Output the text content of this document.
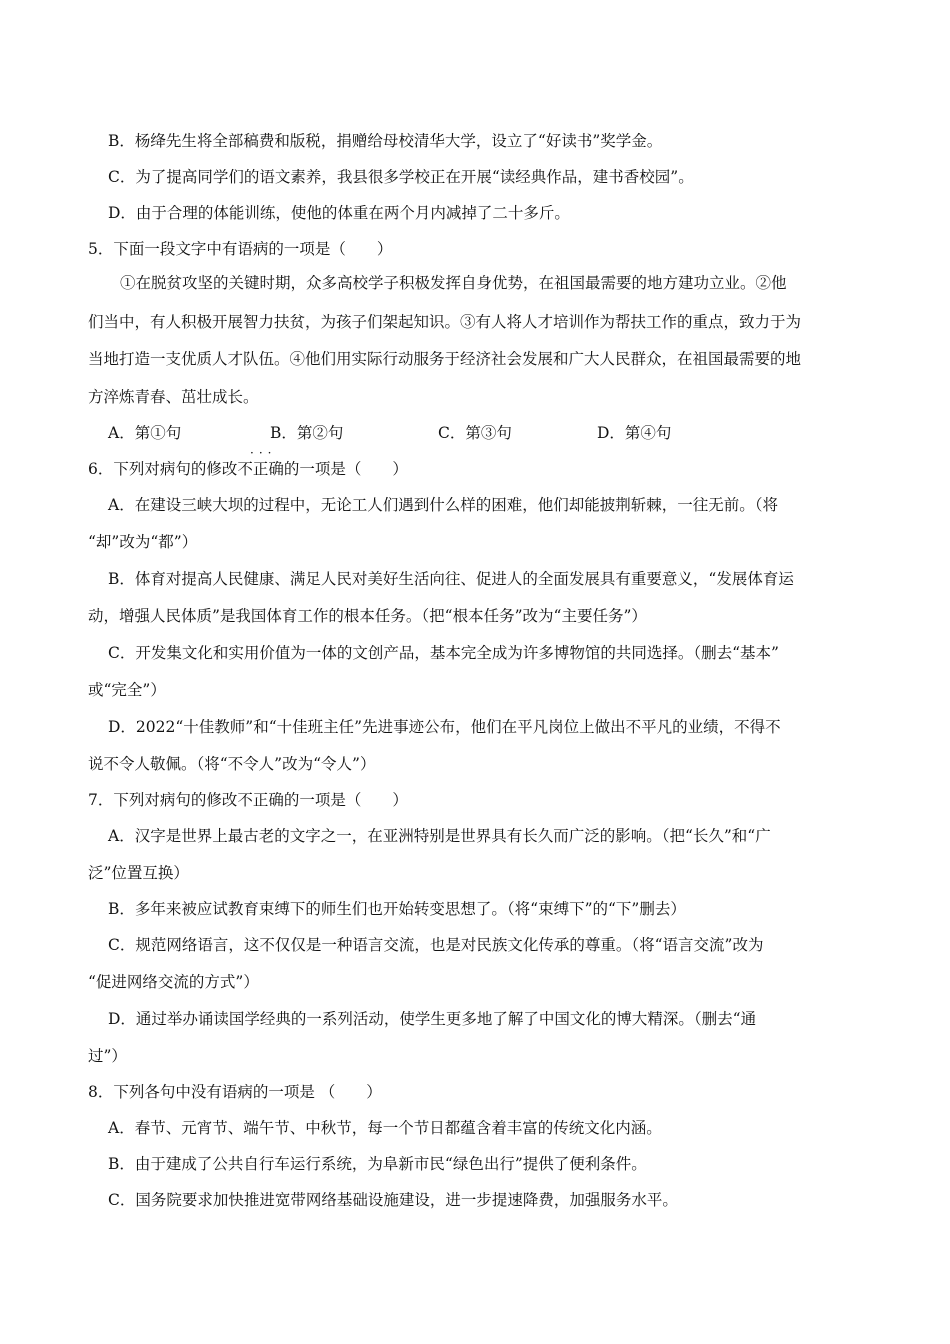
B．杨绛先生将全部稿费和版税，捐赠给母校清华大学，设立了“好读书”奖学金。
C．为了提高同学们的语文素养，我县很多学校正在开展“读经典作品，建书香校园”。
D．由于合理的体能训练，使他的体重在两个月内减掉了二十多斤。
5．下面一段文字中有语病的一项是（　　）
①在脱贫攻坚的关键时期，众多高校学子积极发挥自身优势，在祖国最需要的地方建功立业。②他
们当中，有人积极开展智力扶贫，为孩子们架起知识。③有人将人才培训作为帮扶工作的重点，致力于为
当地打造一支优质人才队伍。④他们用实际行动服务于经济社会发展和广大人民群众，在祖国最需要的地
方淬炼青春、茁壮成长。
A．第①句	B．第②句	C．第③句	D．第④句
···
6．下列对病句的修改不正确的一项是（　　）
A．在建设三峡大坝的过程中，无论工人们遇到什么样的困难，他们却能披荆斩棘，一往无前。（将
“却”改为“都”）
B．体育对提高人民健康、满足人民对美好生活向往、促进人的全面发展具有重要意义，“发展体育运
动，增强人民体质”是我国体育工作的根本任务。（把“根本任务”改为“主要任务”）
C．开发集文化和实用价值为一体的文创产品，基本完全成为许多博物馆的共同选择。（删去“基本”
或“完全”）
D．2022“十佳教师”和“十佳班主任”先进事迹公布，他们在平凡岗位上做出不平凡的业绩，不得不
说不令人敬佩。（将“不令人”改为“令人”）
7．下列对病句的修改不正确的一项是（　　）
A．汉字是世界上最古老的文字之一，在亚洲特别是世界具有长久而广泛的影响。（把“长久”和“广
泛”位置互换）
B．多年来被应试教育束缚下的师生们也开始转变思想了。（将“束缚下”的“下”删去）
C．规范网络语言，这不仅仅是一种语言交流，也是对民族文化传承的尊重。（将“语言交流”改为
“促进网络交流的方式”）
D．通过举办诵读国学经典的一系列活动，使学生更多地了解了中国文化的博大精深。（删去“通
过”）
8．下列各句中没有语病的一项是 （　　）
A．春节、元宵节、端午节、中秋节，每一个节日都蕴含着丰富的传统文化内涵。
B．由于建成了公共自行车运行系统，为阜新市民“绿色出行”提供了便利条件。
C．国务院要求加快推进宽带网络基础设施建设，进一步提速降费，加强服务水平。
